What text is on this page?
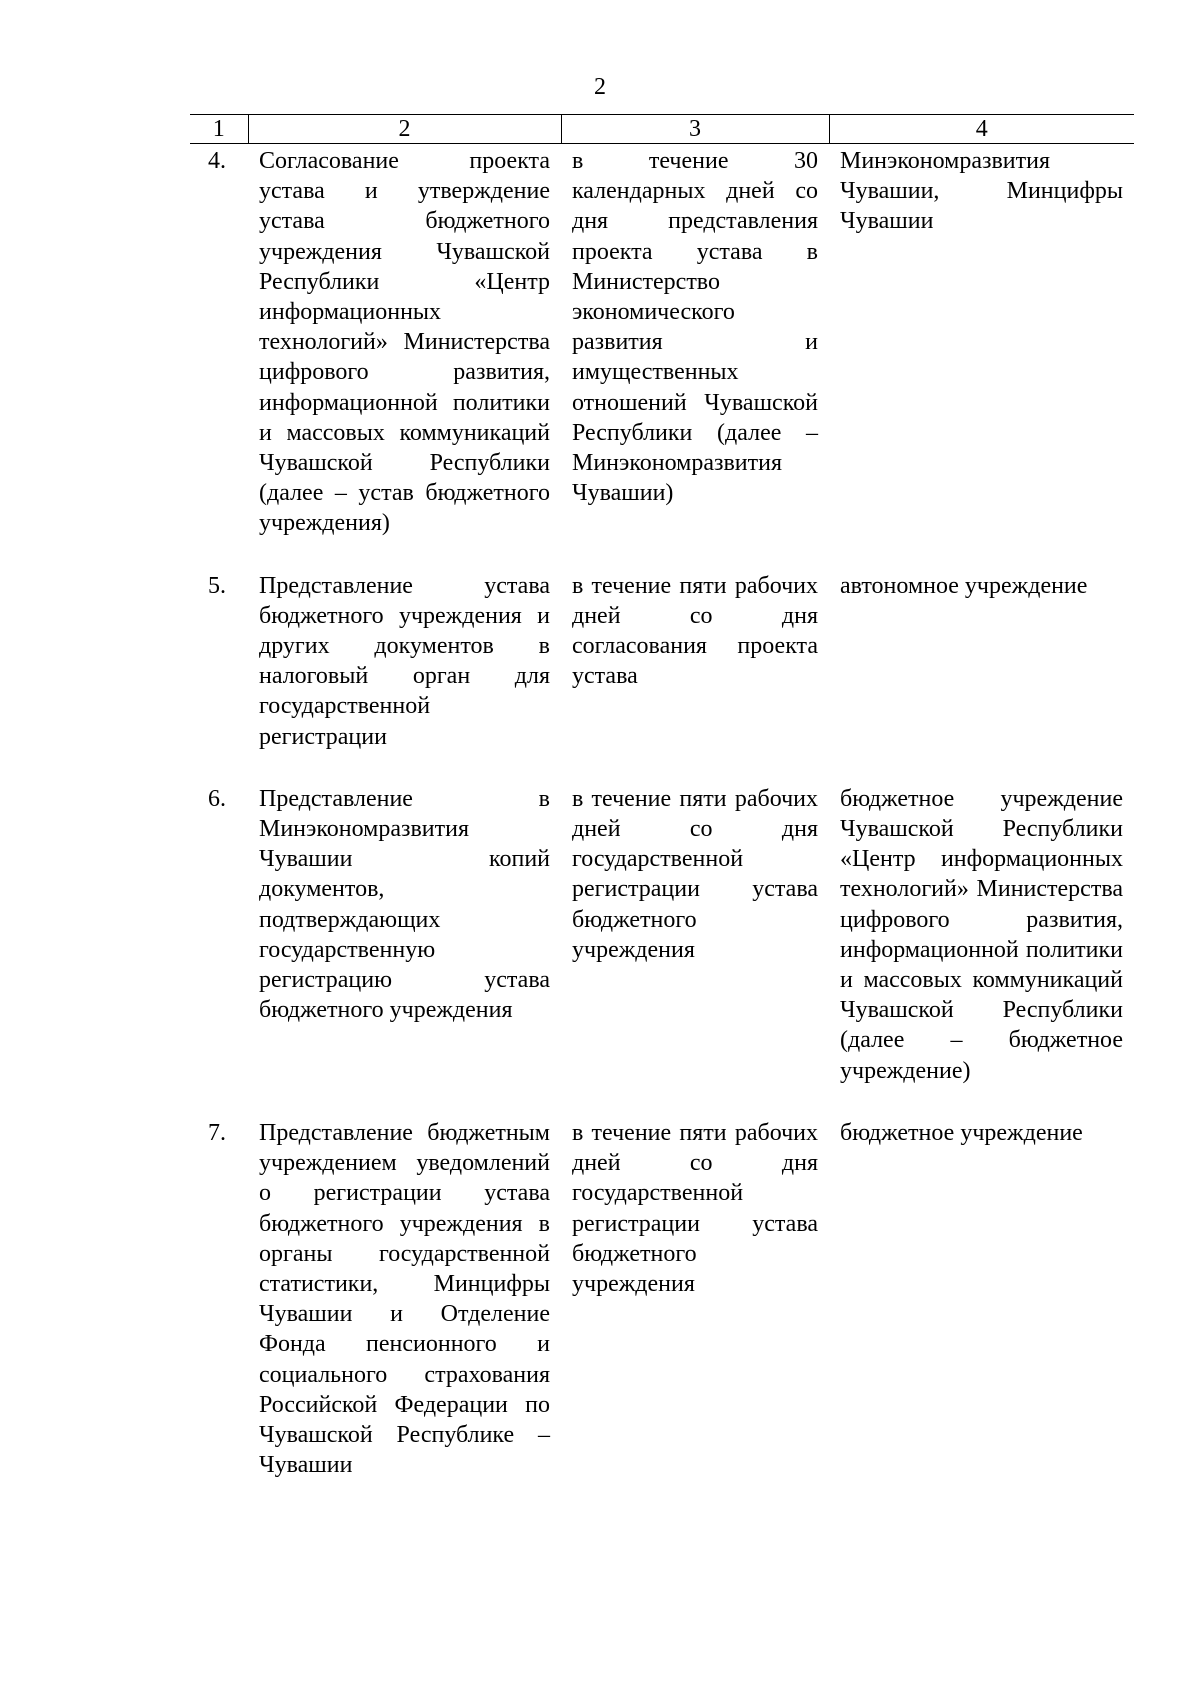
2
1	2	3	4
4.	Согласование проекта устава и утверждение устава бюджетного учреждения Чувашской Республики «Центр информационных технологий» Министерства цифрового развития, информационной политики и массовых коммуникаций Чувашской Республики (далее – устав бюджетного учреждения)	в течение 30 календарных дней со дня представления проекта устава в Министерство экономического развития и имущественных отношений Чувашской Республики (далее – Минэкономразвития Чувашии)	Минэкономразвития Чувашии, Минцифры Чувашии

5.	Представление устава бюджетного учреждения и других документов в налоговый орган для государственной регистрации	в течение пяти рабочих дней со дня согласования проекта устава	автономное учреждение

6.	Представление в Минэкономразвития Чувашии копий документов, подтверждающих государственную регистрацию устава бюджетного учреждения	в течение пяти рабочих дней со дня государственной регистрации устава бюджетного учреждения	бюджетное учреждение Чувашской Республики «Центр информационных технологий» Министерства цифрового развития, информационной политики и массовых коммуникаций Чувашской Республики (далее – бюджетное учреждение)

7.	Представление бюджетным учреждением уведомлений о регистрации устава бюджетного учреждения в органы государственной статистики, Минцифры Чувашии и Отделение Фонда пенсионного и социального страхования Российской Федерации по Чувашской Республике – Чувашии	в течение пяти рабочих дней со дня государственной регистрации устава бюджетного учреждения	бюджетное учреждение
